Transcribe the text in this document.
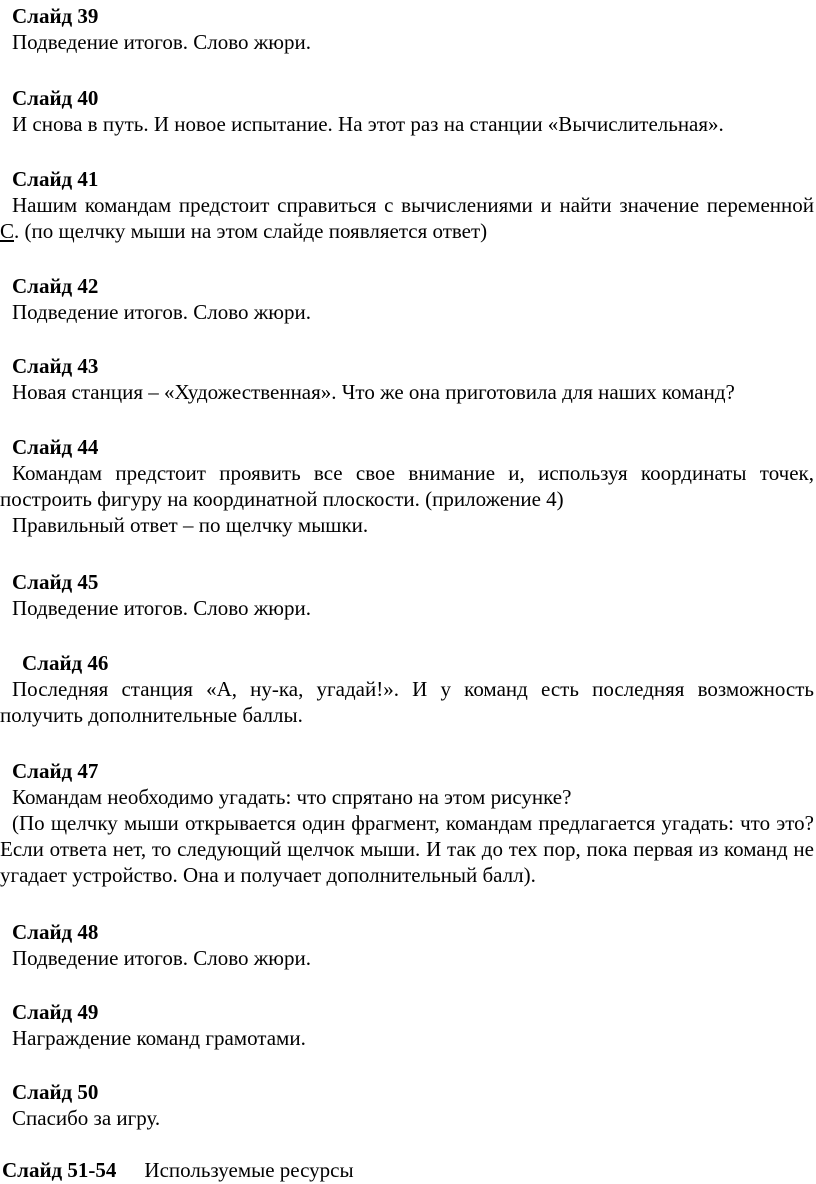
Слайд 39

Подведение итогов. Слово жюри.

Слайд 40

И снова в путь. И новое испытание. На этот раз на станции «Вычислительная».

Слайд 41

Нашим командам предстоит справиться с вычислениями и найти значение переменной С. (по щелчку мыши на этом слайде появляется ответ)

Слайд 42

Подведение итогов. Слово жюри.

Слайд 43

Новая станция – «Художественная». Что же она приготовила для наших команд?

Слайд 44

Командам предстоит проявить все свое внимание и, используя координаты точек, построить фигуру на координатной плоскости. (приложение 4)

Правильный ответ – по щелчку мышки.

Слайд 45

Подведение итогов. Слово жюри.

Слайд 46

Последняя станция «А, ну-ка, угадай!». И у команд есть последняя возможность получить дополнительные баллы.

Слайд 47

Командам необходимо угадать: что спрятано на этом рисунке?

(По щелчку мыши открывается один фрагмент, командам предлагается угадать: что это? Если ответа нет, то следующий щелчок мыши. И так до тех пор, пока первая из команд не угадает устройство. Она и получает дополнительный балл).

Слайд 48

Подведение итогов. Слово жюри.

Слайд 49

Награждение команд грамотами.

Слайд 50

Спасибо за игру.

Слайд 51-54 Используемые ресурсы
